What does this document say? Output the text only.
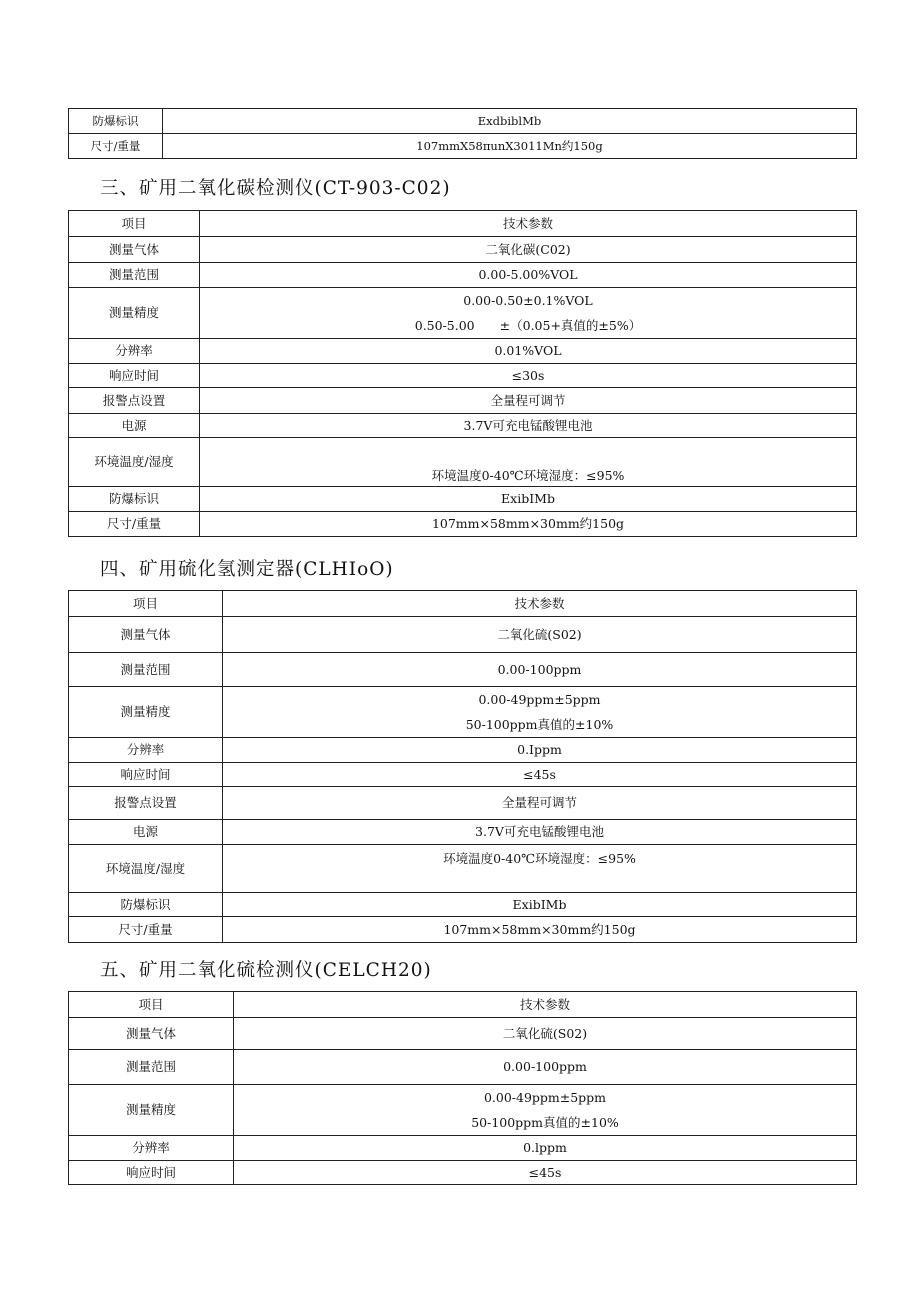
防爆标识	ExdbiblMb
尺寸/重量	107mmX58πunX3011Mn约150g
三、矿用二氧化碳检测仪(CT-903-C02)
项目	技术参数
测量气体	二氧化碳(C02)
测量范围	0.00-5.00%VOL
测量精度	0.00-0.50±0.1%VOL
0.50-5.00　　±（0.05+真值的±5%）

分辨率	0.01%VOL
响应时间	≤30s
报警点设置	全量程可调节
电源	3.7V可充电锰酸锂电池
环境温度/湿度	环境温度0-40℃环境湿度：≤95%
防爆标识	ExibIMb
尺寸/重量	107mm×58mm×30mm约150g
四、矿用硫化氢测定器(CLHIoO)
项目	技术参数
测量气体	二氧化硫(S02)
测量范围	0.00-100ppm
测量精度	0.00-49ppm±5ppm
50-100ppm真值的±10%

分辨率	0.Ippm
响应时间	≤45s
报警点设置	全量程可调节
电源	3.7V可充电锰酸锂电池
环境温度/湿度	环境温度0-40℃环境湿度：≤95%
防爆标识	ExibIMb
尺寸/重量	107mm×58mm×30mm约150g
五、矿用二氧化硫检测仪(CELCH20)
项目	技术参数
测量气体	二氧化硫(S02)
测量范围	0.00-100ppm
测量精度	0.00-49ppm±5ppm
50-100ppm真值的±10%

分辨率	0.lppm
响应时间	≤45s
